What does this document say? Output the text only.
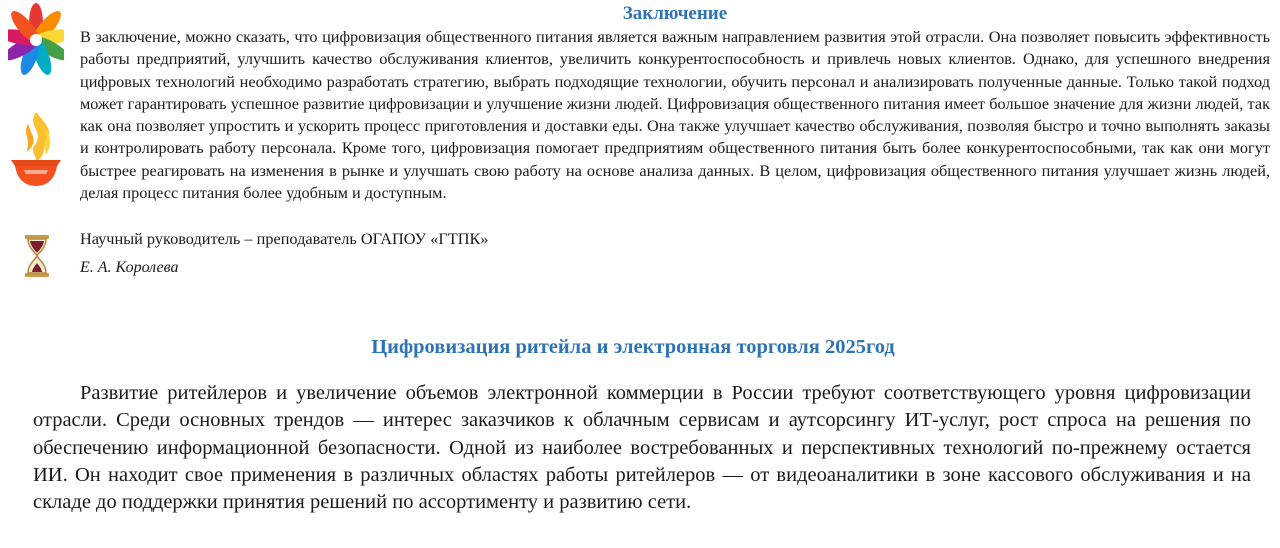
Заключение

В заключение, можно сказать, что цифровизация общественного питания является важным направлением развития этой отрасли. Она позволяет повысить эффективность работы предприятий, улучшить качество обслуживания клиентов, увеличить конкурентоспособность и привлечь новых клиентов. Однако, для успешного внедрения цифровых технологий необходимо разработать стратегию, выбрать подходящие технологии, обучить персонал и анализировать полученные данные. Только такой подход может гарантировать успешное развитие цифровизации и улучшение жизни людей. Цифровизация общественного питания имеет большое значение для жизни людей, так как она позволяет упростить и ускорить процесс приготовления и доставки еды. Она также улучшает качество обслуживания, позволяя быстро и точно выполнять заказы и контролировать работу персонала. Кроме того, цифровизация помогает предприятиям общественного питания быть более конкурентоспособными, так как они могут быстрее реагировать на изменения в рынке и улучшать свою работу на основе анализа данных. В целом, цифровизация общественного питания улучшает жизнь людей, делая процесс питания более удобным и доступным.

Научный руководитель – преподаватель ОГАПОУ «ГТПК»

Е. А. Королева

Цифровизация ритейла и электронная торговля 2025год

Развитие ритейлеров и увеличение объемов электронной коммерции в России требуют соответствующего уровня цифровизации отрасли. Среди основных трендов — интерес заказчиков к облачным сервисам и аутсорсингу ИТ-услуг, рост спроса на решения по обеспечению информационной безопасности. Одной из наиболее востребованных и перспективных технологий по-прежнему остается ИИ. Он находит свое применения в различных областях работы ритейлеров — от видеоаналитики в зоне кассового обслуживания и на складе до поддержки принятия решений по ассортименту и развитию сети.
